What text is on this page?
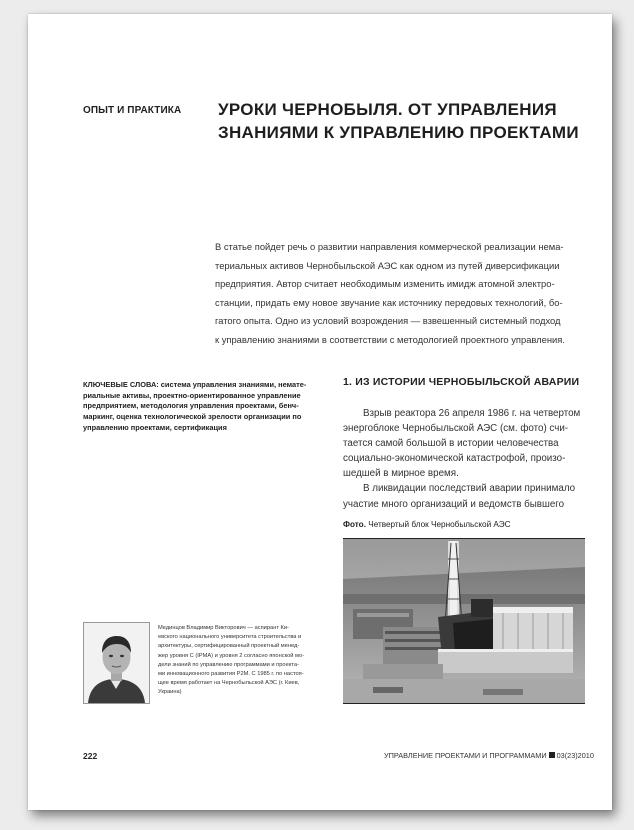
ОПЫТ И ПРАКТИКА УРОКИ ЧЕРНОБЫЛЯ. ОТ УПРАВЛЕНИЯ
ЗНАНИЯМИ К УПРАВЛЕНИЮ ПРОЕКТАМИ
В статье пойдет речь о развитии направления коммерческой реализации нема-
териальных активов Чернобыльской АЭС как одном из путей диверсификации
предприятия. Автор считает необходимым изменить имидж атомной электро-
станции, придать ему новое звучание как источнику передовых технологий, бо-
гатого опыта. Одно из условий возрождения — взвешенный системный подход
к управлению знаниями в соответствии с методологией проектного управления.
КЛЮЧЕВЫЕ СЛОВА: система управления знаниями, немате-
риальные активы, проектно-ориентированное управление
предприятием, методология управления проектами, бенч-
маркинг, оценка технологической зрелости организации по
управлению проектами, сертификация
1. ИЗ ИСТОРИИ ЧЕРНОБЫЛЬСКОЙ АВАРИИ
Взрыв реактора 26 апреля 1986 г. на четвертом
энергоблоке Чернобыльской АЭС (см. фото) счи-
тается самой большой в истории человечества
социально-экономической катастрофой, произо-
шедшей в мирное время.
В ликвидации последствий аварии принимало
участие много организаций и ведомств бывшего
Фото. Четвертый блок Чернобыльской АЭС
Мединцов Владимир Викторович — аспирант Ки-
евского национального университета строительства и
архитектуры, сертифицированный проектный менед-
жер уровня С (IPMA) и уровня 2 согласно японской мо-
дели знаний по управлению программами и проекта-
ми инновационного развития P2M. С 1985 г. по настоя-
щее время работает на Чернобыльской АЭС (г. Киев,
Украина)
222	УПРАВЛЕНИЕ ПРОЕКТАМИ И ПРОГРАММАМИ 03(23)2010
